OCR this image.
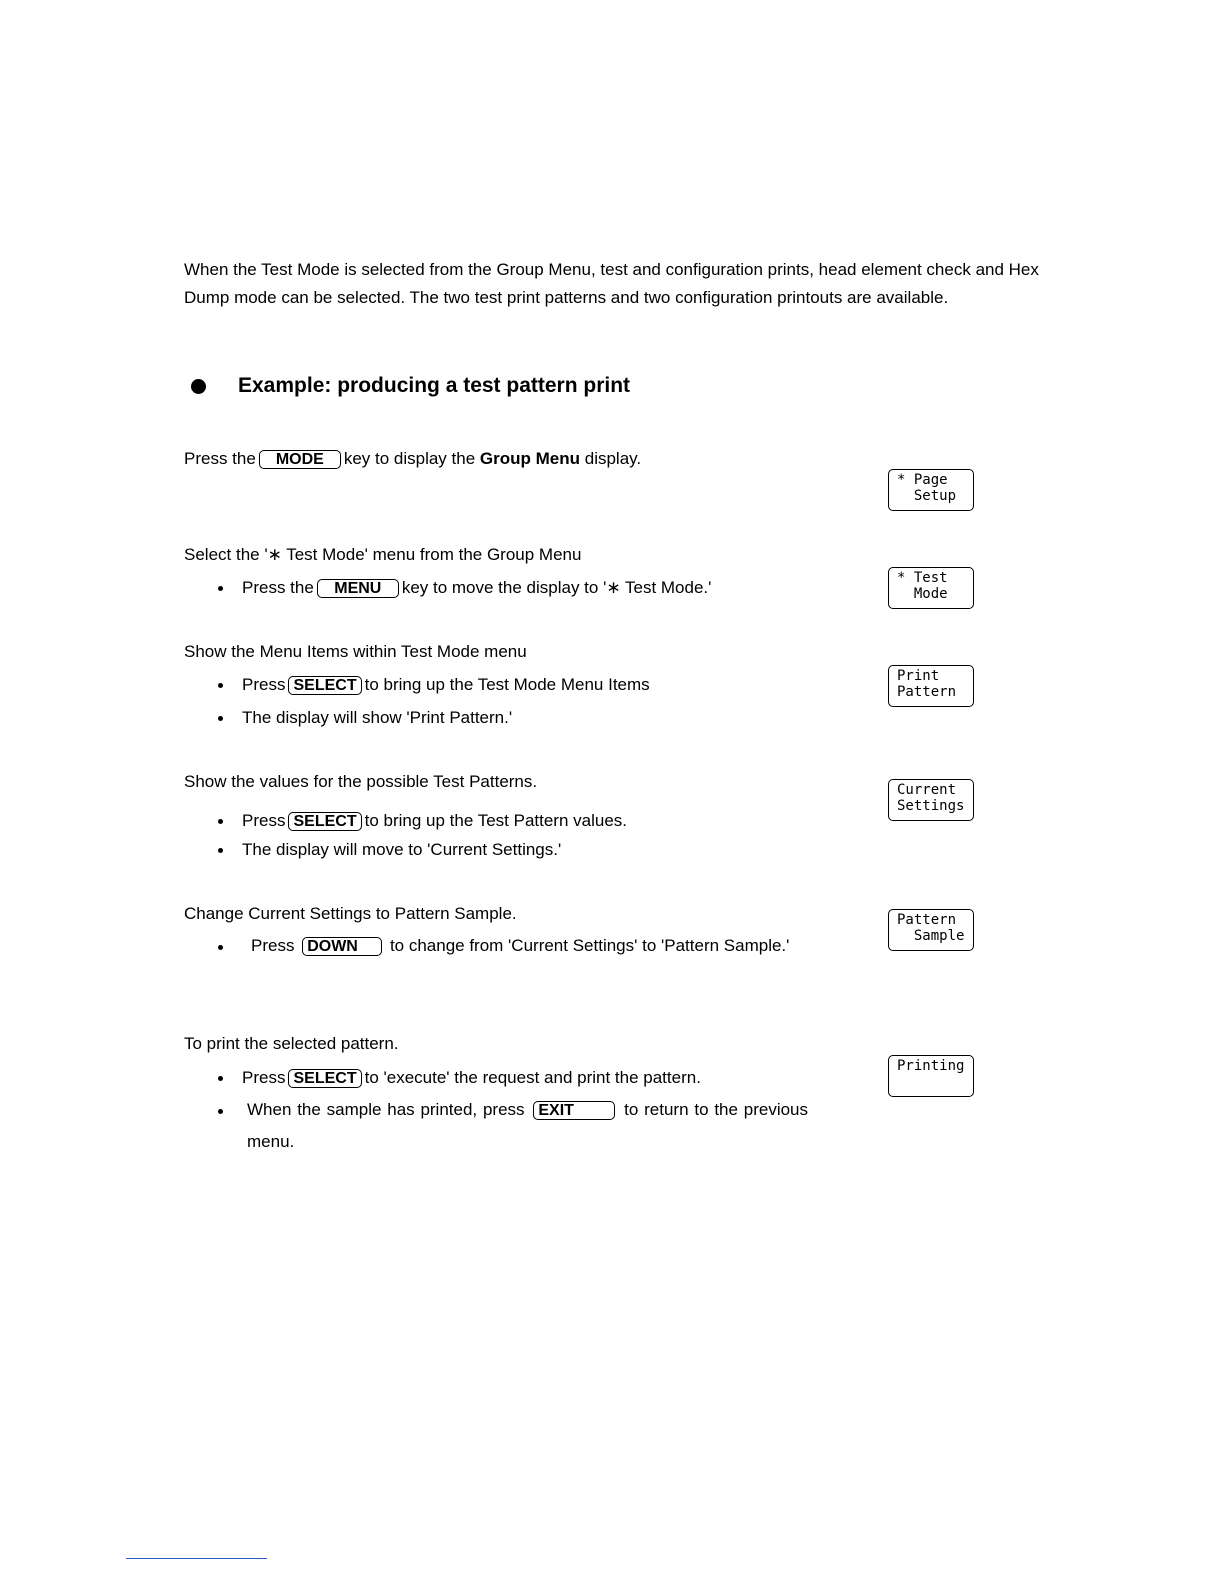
When the Test Mode is selected from the Group Menu, test and configuration prints, head element check and Hex Dump mode can be selected. The two test print patterns and two configuration printouts are available.
Example: producing a test pattern print
Press the MODE key to display the Group Menu display.
* Page
Setup
Select the '∗ Test Mode' menu from the Group Menu
Press the MENU key to move the display to '∗ Test Mode.'	* Test
Mode
Show the Menu Items within Test Mode menu
Press SELECT to bring up the Test Mode Menu Items
The display will show 'Print Pattern.'
Print
Pattern
Show the values for the possible Test Patterns.
Press SELECT to bring up the Test Pattern values.
The display will move to 'Current Settings.'
Current
Settings
Change Current Settings to Pattern Sample.
Press DOWN to change from 'Current Settings' to 'Pattern Sample.'
Pattern
Sample
To print the selected pattern.
Press SELECT to 'execute' the request and print the pattern.
When the sample has printed, press EXIT	to return to the previous menu.
Printing
